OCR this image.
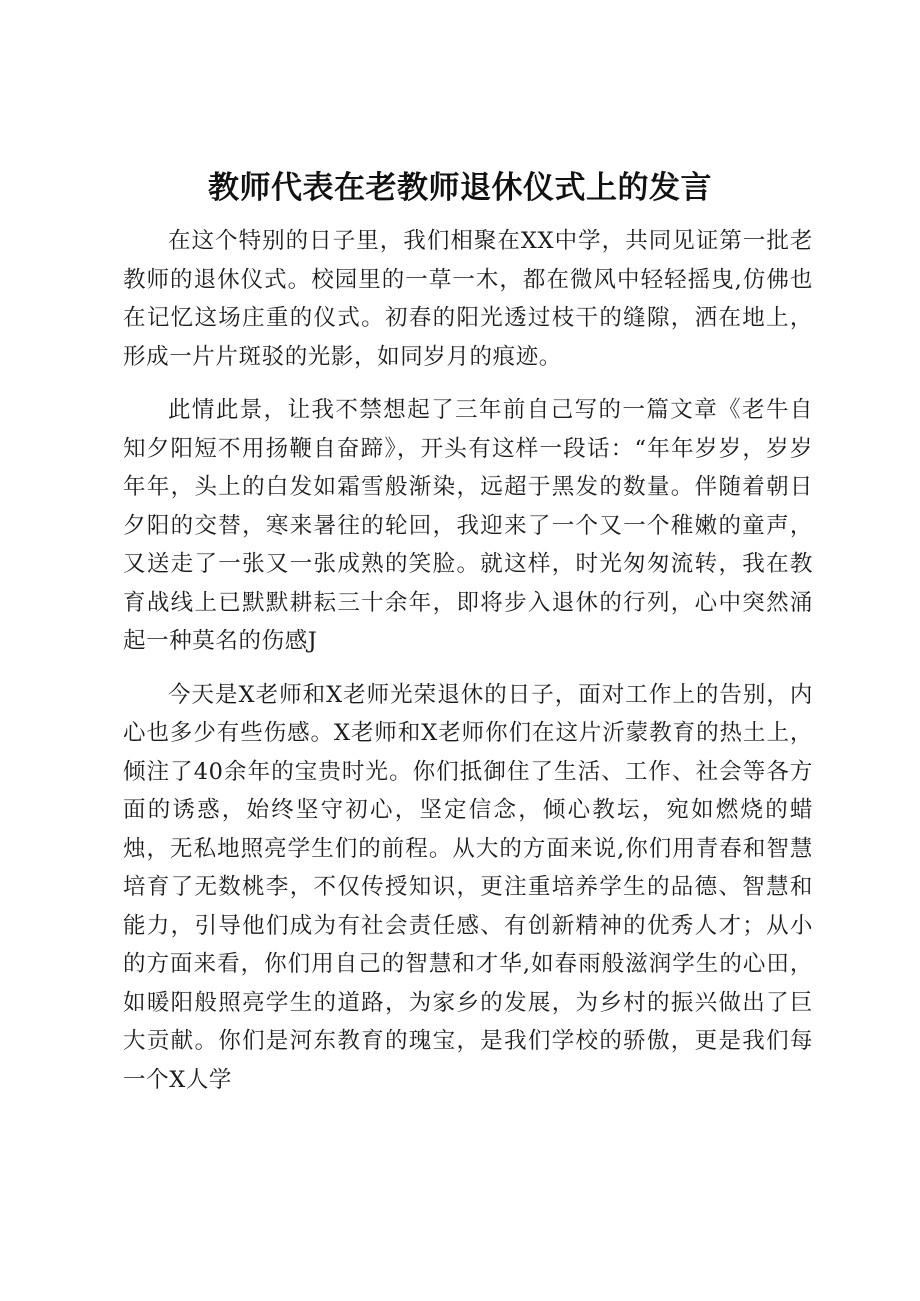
教师代表在老教师退休仪式上的发言

在这个特别的日子里，我们相聚在XX中学，共同见证第一批老教师的退休仪式。校园里的一草一木，都在微风中轻轻摇曳,仿佛也在记忆这场庄重的仪式。初春的阳光透过枝干的缝隙，洒在地上，形成一片片斑驳的光影，如同岁月的痕迹。

此情此景，让我不禁想起了三年前自己写的一篇文章《老牛自知夕阳短不用扬鞭自奋蹄》，开头有这样一段话：“年年岁岁，岁岁年年，头上的白发如霜雪般渐染，远超于黑发的数量。伴随着朝日夕阳的交替，寒来暑往的轮回，我迎来了一个又一个稚嫩的童声，又送走了一张又一张成熟的笑脸。就这样，时光匆匆流转，我在教育战线上已默默耕耘三十余年，即将步入退休的行列，心中突然涌起一种莫名的伤感J

今天是X老师和X老师光荣退休的日子，面对工作上的告别，内心也多少有些伤感。X老师和X老师你们在这片沂蒙教育的热土上，倾注了40余年的宝贵时光。你们抵御住了生活、工作、社会等各方面的诱惑，始终坚守初心，坚定信念，倾心教坛，宛如燃烧的蜡烛，无私地照亮学生们的前程。从大的方面来说,你们用青春和智慧培育了无数桃李，不仅传授知识，更注重培养学生的品德、智慧和能力，引导他们成为有社会责任感、有创新精神的优秀人才；从小的方面来看，你们用自己的智慧和才华,如春雨般滋润学生的心田，如暖阳般照亮学生的道路，为家乡的发展，为乡村的振兴做出了巨大贡献。你们是河东教育的瑰宝，是我们学校的骄傲，更是我们每一个X人学
